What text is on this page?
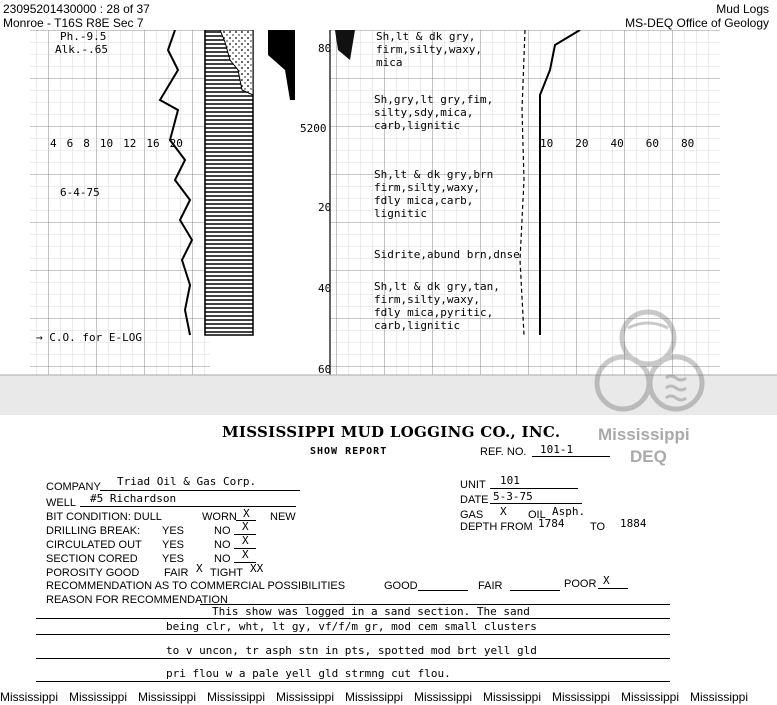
23095201430000 : 28 of 37
Monroe - T16S R8E Sec 7
Mud Logs
MS-DEQ Office of Geology
Ph.-9.5
Alk.-.65
4 6 8 10 12 16 20
6-4-75
→ C.O. for E-LOG
80
5200
20
40
60
10 20 40 60 80
Sh,lt & dk gry,
firm,silty,waxy,
mica
Sh,gry,lt gry,fim,
silty,sdy,mica,
carb,lignitic
Sh,lt & dk gry,brn
firm,silty,waxy,
fdly mica,carb,
lignitic
Sidrite,abund brn,dnse
Sh,lt & dk gry,tan,
firm,silty,waxy,
fdly mica,pyritic,
carb,lignitic
Mississippi
DEQ
MISSISSIPPI MUD LOGGING CO., INC.
SHOW REPORT	REF. NO. 101-1
COMPANY Triad Oil & Gas Corp.	UNIT 101
WELL #5 Richardson	DATE 5-3-75
BIT CONDITION: DULL	WORN X NEW	GAS X OIL Asph.
DRILLING BREAK: YES	NO X	DEPTH FROM 1784 TO 1884
CIRCULATED OUT YES	NO X
SECTION CORED YES	NO X
POROSITY GOOD FAIR X TIGHT XX
RECOMMENDATION AS TO COMMERCIAL POSSIBILITIES	GOOD	FAIR	POOR X
REASON FOR RECOMMENDATION
This show was logged in a sand section. The sand
being clr, wht, lt gy, vf/f/m gr, mod cem small clusters
to v uncon, tr asph stn in pts, spotted mod brt yell gld
pri flou w a pale yell gld strmng cut flou.
Mississippi Mississippi Mississippi Mississippi Mississippi Mississippi Mississippi Mississippi Mississippi Mississippi Mississippi
